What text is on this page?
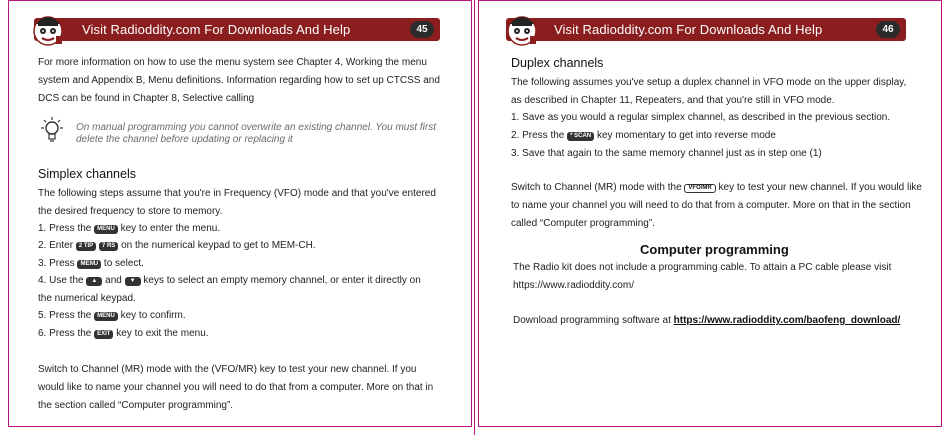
Visit Radioddity.com For Downloads And Help	45	Visit Radioddity.com For Downloads And Help	46
For more information on how to use the menu system see Chapter 4, Working the menu
system and Appendix B, Menu definitions. Information regarding how to set up CTCSS and
DCS can be found in Chapter 8, Selective calling
On manual programming you cannot overwrite an existing channel. You must first
delete the channel before updating or replacing it
Simplex channels
The following steps assume that you're in Frequency (VFO) mode and that you've entered
the desired frequency to store to memory.
1. Press the MENU key to enter the menu.
2. Enter 2 TIP 7 RS on the numerical keypad to get to MEM-CH.
3. Press MENU to select.
4. Use the ▲ and ▼ keys to select an empty memory channel, or enter it directly on
the numerical keypad.
5. Press the MENU key to confirm.
6. Press the EXIT key to exit the menu.
Switch to Channel (MR) mode with the (VFO/MR) key to test your new channel. If you
would like to name your channel you will need to do that from a computer. More on that in
the section called “Computer programming”.
Duplex channels
The following assumes you've setup a duplex channel in VFO mode on the upper display,
as described in Chapter 11, Repeaters, and that you're still in VFO mode.
1. Save as you would a regular simplex channel, as described in the previous section.
2. Press the * SCAN key momentary to get into reverse mode
3. Save that again to the same memory channel just as in step one (1)
Switch to Channel (MR) mode with the VFO/MR key to test your new channel. If you would like
to name your channel you will need to do that from a computer. More on that in the section
called “Computer programming”.
Computer programming
The Radio kit does not include a programming cable. To attain a PC cable please visit
https://www.radioddity.com/
Download programming software at https://www.radioddity.com/baofeng_download/
